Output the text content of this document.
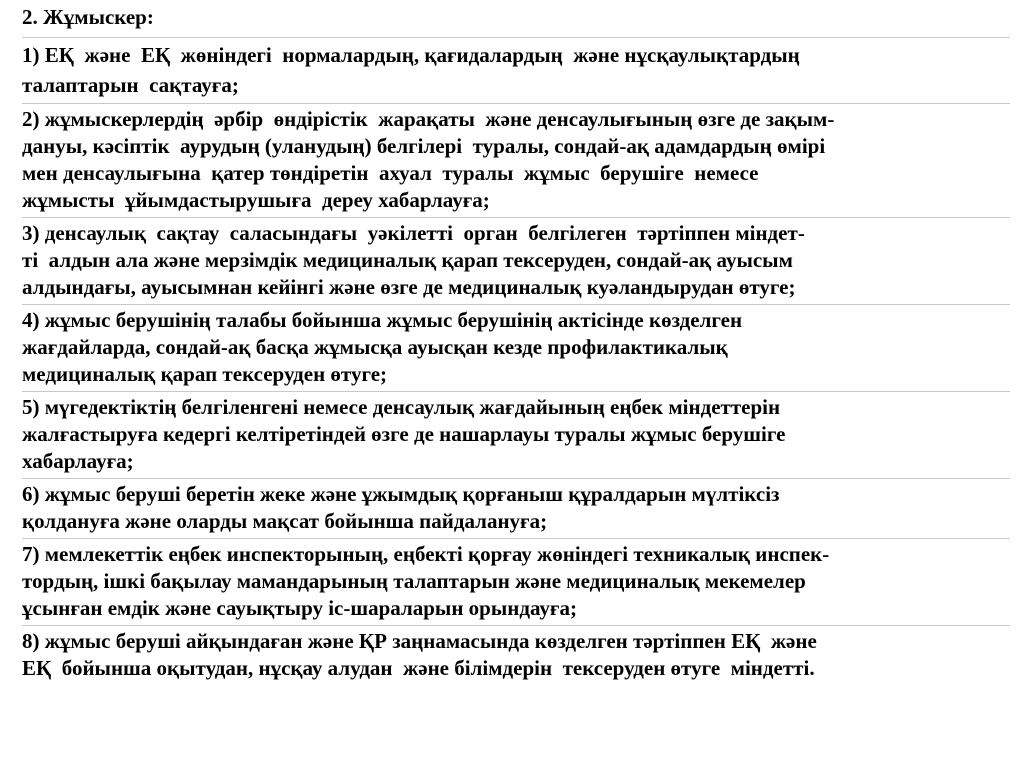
2. Жұмыскер:
1) ЕҚ  және  ЕҚ  жөніндегі  нормалардың, қағидалардың  және нұсқаулықтардың
талаптарын  сақтауға;
2) жұмыскерлердің  әрбір  өндірістік  жарақаты  және денсаулығының өзге де зақым-
дануы, кәсіптік  аурудың (уланудың) белгілері  туралы, сондай-ақ адамдардың өмірі
мен денсаулығына  қатер төндіретін  ахуал  туралы  жұмыс  берушіге  немесе
жұмысты  ұйымдастырушыға  дереу хабарлауға;
3) денсаулық  сақтау  саласындағы  уәкілетті  орган  белгілеген  тәртіппен міндет-
ті  алдын ала және мерзімдік медициналық қарап тексеруден, сондай-ақ ауысым
алдындағы, ауысымнан кейінгі және өзге де медициналық куәландырудан өтуге;
4) жұмыс берушінің талабы бойынша жұмыс берушінің актісінде көзделген
жағдайларда, сондай-ақ басқа жұмысқа ауысқан кезде профилактикалық
медициналық қарап тексеруден өтуге;
5) мүгедектіктің белгіленгені немесе денсаулық жағдайының еңбек міндеттерін
жалғастыруға кедергі келтіретіндей өзге де нашарлауы туралы жұмыс берушіге
хабарлауға;
6) жұмыс беруші беретін жеке және ұжымдық қорғаныш құралдарын мүлтіксіз
қолдануға және оларды мақсат бойынша пайдалануға;
7) мемлекеттік еңбек инспекторының, еңбекті қорғау жөніндегі техникалық инспек-
тордың, ішкі бақылау мамандарының талаптарын және медициналық мекемелер
ұсынған емдік және сауықтыру іс-шараларын орындауға;
8) жұмыс беруші айқындаған және ҚР заңнамасында көзделген тәртіппен ЕҚ  және
ЕҚ  бойынша оқытудан, нұсқау алудан  және білімдерін  тексеруден өтуге  міндетті.
